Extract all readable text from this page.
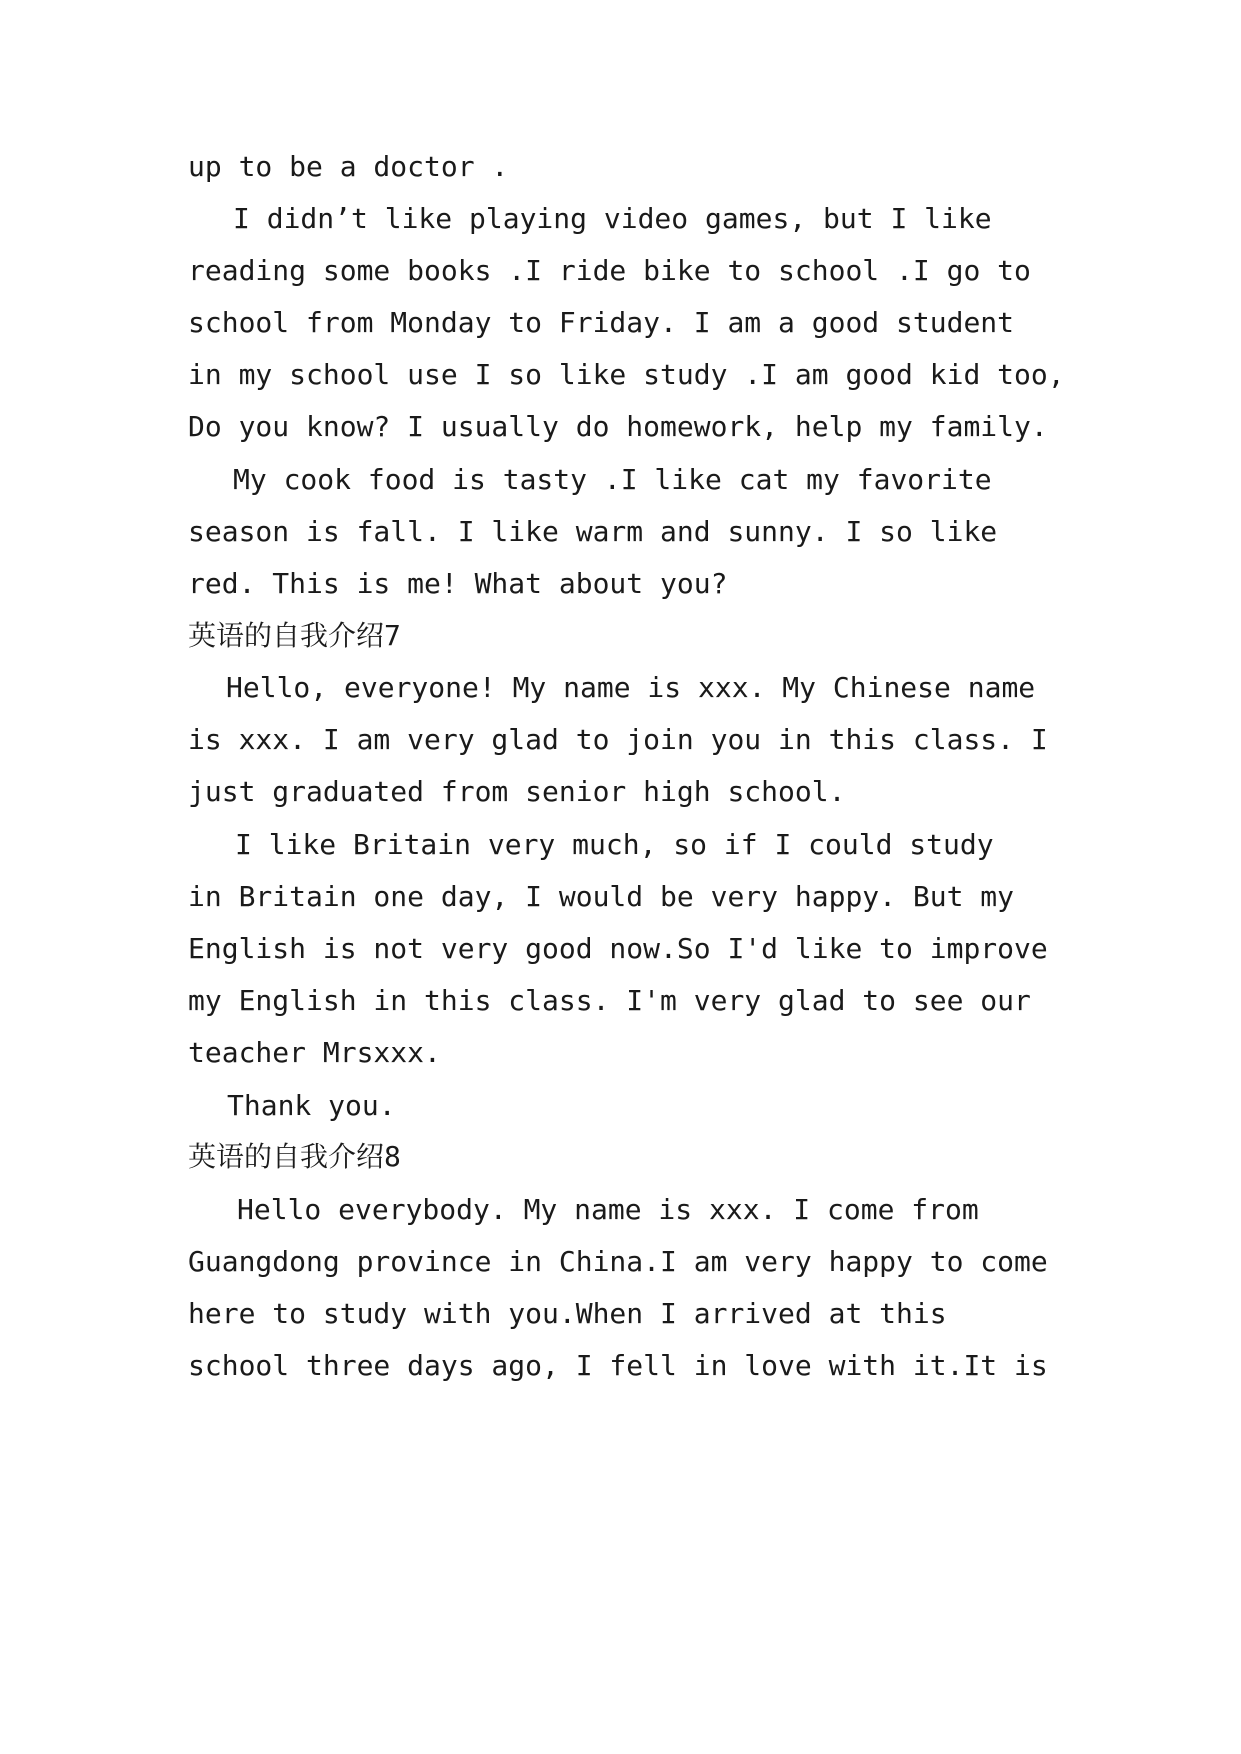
up to be a doctor .
I didn’t like playing video games, but I like
reading some books .I ride bike to school .I go to
school from Monday to Friday. I am a good student
in my school use I so like study .I am good kid too,
Do you know? I usually do homework, help my family.
My cook food is tasty .I like cat my favorite
season is fall. I like warm and sunny. I so like
red. This is me! What about you?
英语的自我介绍7
Hello, everyone! My name is xxx. My Chinese name
is xxx. I am very glad to join you in this class. I
just graduated from senior high school.
I like Britain very much, so if I could study
in Britain one day, I would be very happy. But my
English is not very good now.So I'd like to improve
my English in this class. I'm very glad to see our
teacher Mrsxxx.
Thank you.
英语的自我介绍8
Hello everybody. My name is xxx. I come from
Guangdong province in China.I am very happy to come
here to study with you.When I arrived at this
school three days ago, I fell in love with it.It is
